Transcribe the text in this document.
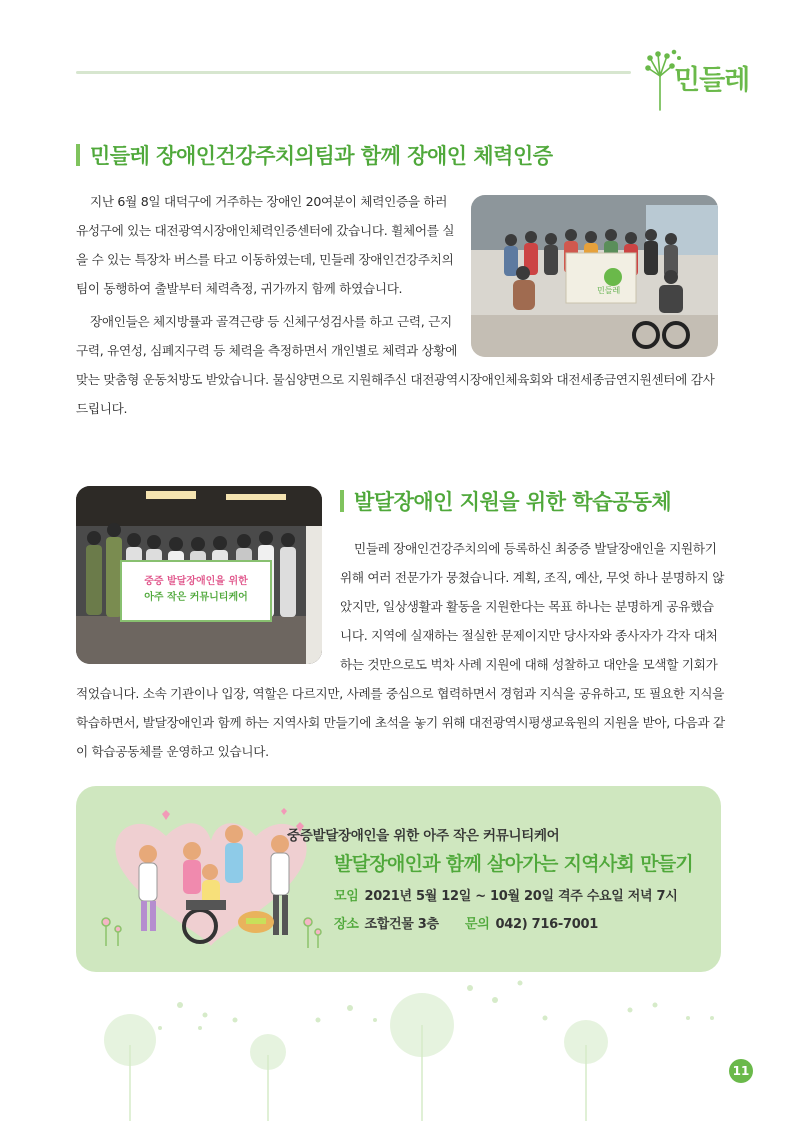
민들레
민들레 장애인건강주치의팀과 함께 장애인 체력인증

지난 6월 8일 대덕구에 거주하는 장애인 20여분이 체력인증을 하러
유성구에 있는 대전광역시장애인체력인증센터에 갔습니다. 휠체어를 실
을 수 있는 특장차 버스를 타고 이동하였는데, 민들레 장애인건강주치의
팀이 동행하여 출발부터 체력측정, 귀가까지 함께 하였습니다.

장애인들은 체지방률과 골격근량 등 신체구성검사를 하고 근력, 근지
구력, 유연성, 심폐지구력 등 체력을 측정하면서 개인별로 체력과 상황에
맞는 맞춤형 운동처방도 받았습니다. 물심양면으로 지원해주신 대전광역시장애인체육회와 대전세종금연지원센터에 감사
드립니다.

민들레
발달장애인 지원을 위한 학습공동체
중증 발달장애인을 위한
아주 작은 커뮤니티케어

민들레 장애인건강주치의에 등록하신 최중증 발달장애인을 지원하기
위해 여러 전문가가 뭉쳤습니다. 계획, 조직, 예산, 무엇 하나 분명하지 않
았지만, 일상생활과 활동을 지원한다는 목표 하나는 분명하게 공유했습
니다. 지역에 실재하는 절실한 문제이지만 당사자와 종사자가 각자 대처
하는 것만으로도 벅차 사례 지원에 대해 성찰하고 대안을 모색할 기회가

적었습니다. 소속 기관이나 입장, 역할은 다르지만, 사례를 중심으로 협력하면서 경험과 지식을 공유하고, 또 필요한 지식을
학습하면서, 발달장애인과 함께 하는 지역사회 만들기에 초석을 놓기 위해 대전광역시평생교육원의 지원을 받아, 다음과 같
이 학습공동체를 운영하고 있습니다.

중증발달장애인을 위한 아주 작은 커뮤니티케어
발달장애인과 함께 살아가는 지역사회 만들기
모임 2021년 5월 12일 ~ 10월 20일 격주 수요일 저녁 7시
장소 조합건물 3층 문의 042) 716-7001
11
